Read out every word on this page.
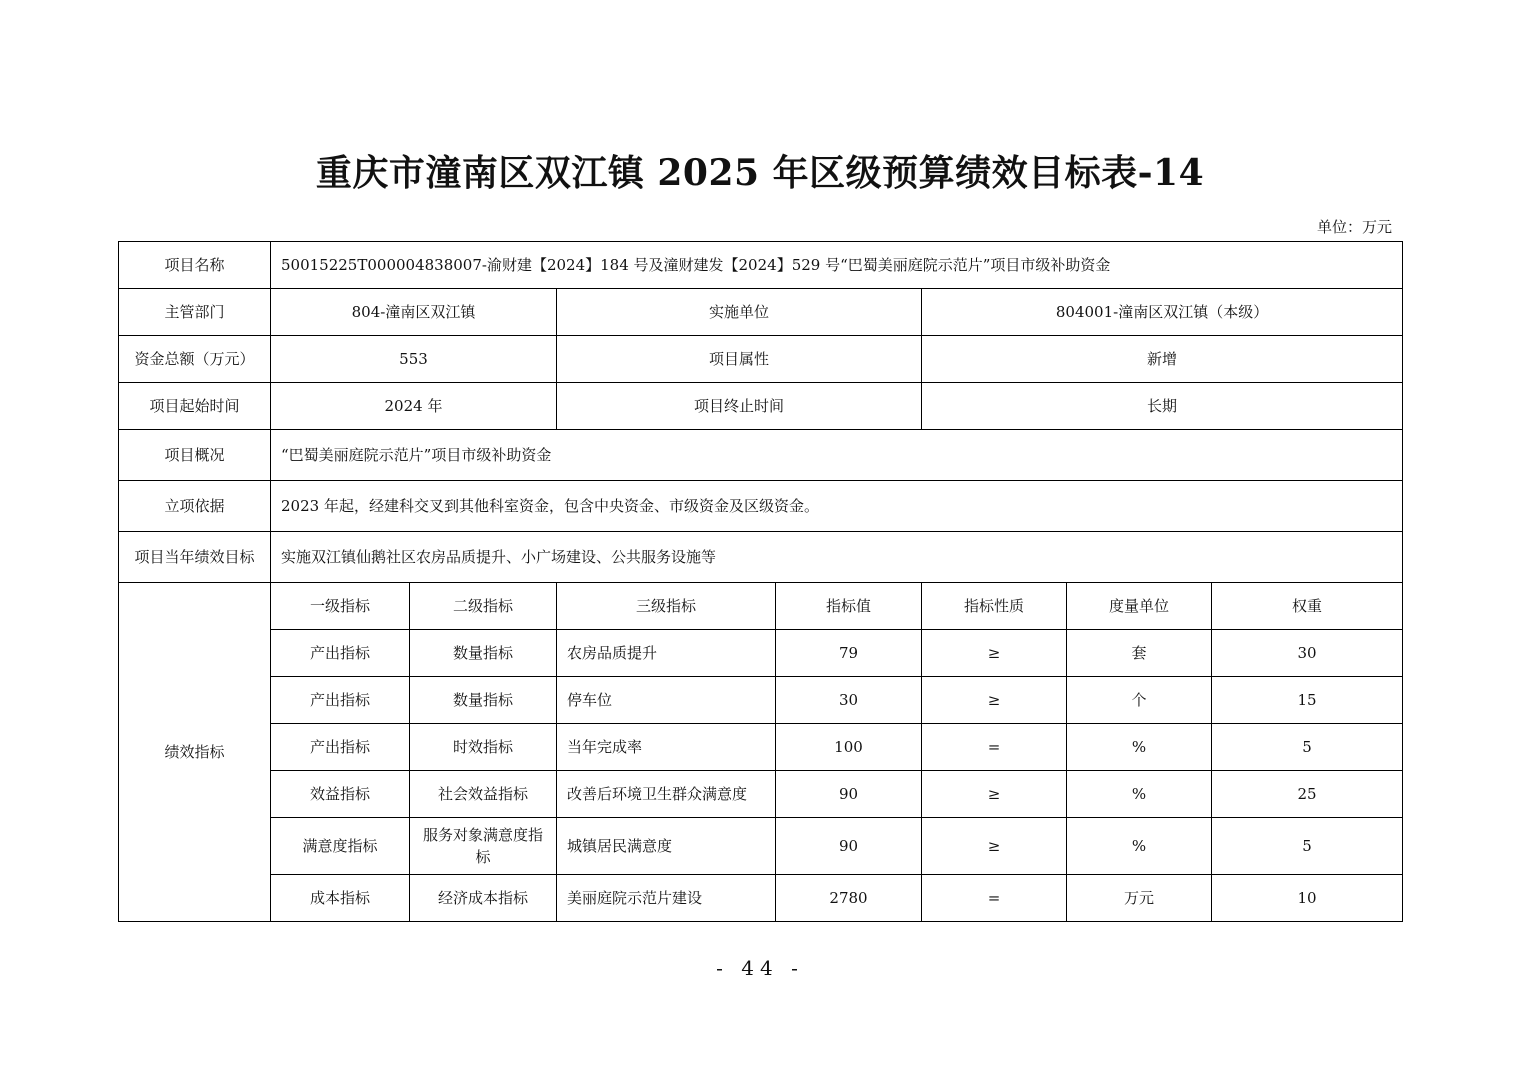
重庆市潼南区双江镇 2025 年区级预算绩效目标表-14
单位：万元
项目名称	50015225T000004838007-渝财建【2024】184 号及潼财建发【2024】529 号“巴蜀美丽庭院示范片”项目市级补助资金						
主管部门	804-潼南区双江镇		实施单位		804001-潼南区双江镇（本级）		
资金总额（万元）	553		项目属性		新增		
项目起始时间	2024 年		项目终止时间		长期		
项目概况	“巴蜀美丽庭院示范片”项目市级补助资金						
立项依据	2023 年起，经建科交叉到其他科室资金，包含中央资金、市级资金及区级资金。						
项目当年绩效目标	实施双江镇仙鹅社区农房品质提升、小广场建设、公共服务设施等						
绩效指标	一级指标	二级指标	三级指标	指标值	指标性质	度量单位	权重
	产出指标	数量指标	农房品质提升	79	≥	套	30
	产出指标	数量指标	停车位	30	≥	个	15
	产出指标	时效指标	当年完成率	100	=	%	5
	效益指标	社会效益指标	改善后环境卫生群众满意度	90	≥	%	25
	满意度指标	服务对象满意度指标	城镇居民满意度	90	≥	%	5
	成本指标	经济成本指标	美丽庭院示范片建设	2780	=	万元	10
- 44 -
